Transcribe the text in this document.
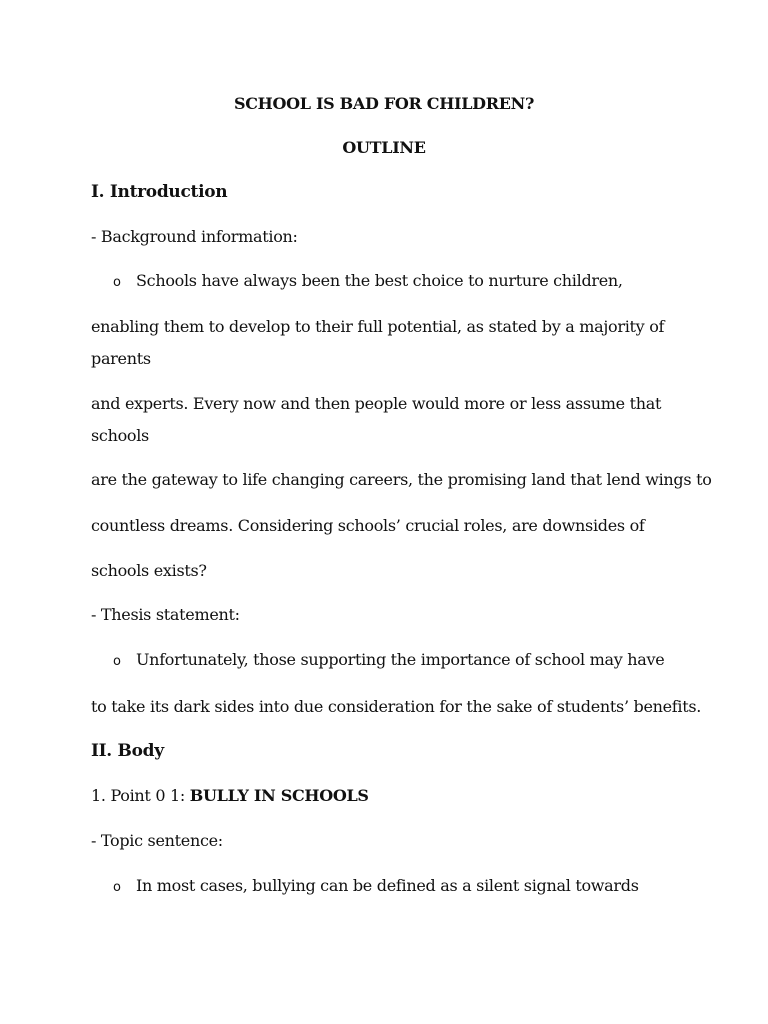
SCHOOL IS BAD FOR CHILDREN?
OUTLINE
I. Introduction
- Background information:
o Schools have always been the best choice to nurture children,
enabling them to develop to their full potential, as stated by a majority of
parents
and experts. Every now and then people would more or less assume that
schools
are the gateway to life changing careers, the promising land that lend wings to
countless dreams. Considering schools’ crucial roles, are downsides of
schools exists?
- Thesis statement:
o Unfortunately, those supporting the importance of school may have
to take its dark sides into due consideration for the sake of students’ benefits.
II. Body
1. Point 0 1: BULLY IN SCHOOLS
- Topic sentence:
o In most cases, bullying can be defined as a silent signal towards
